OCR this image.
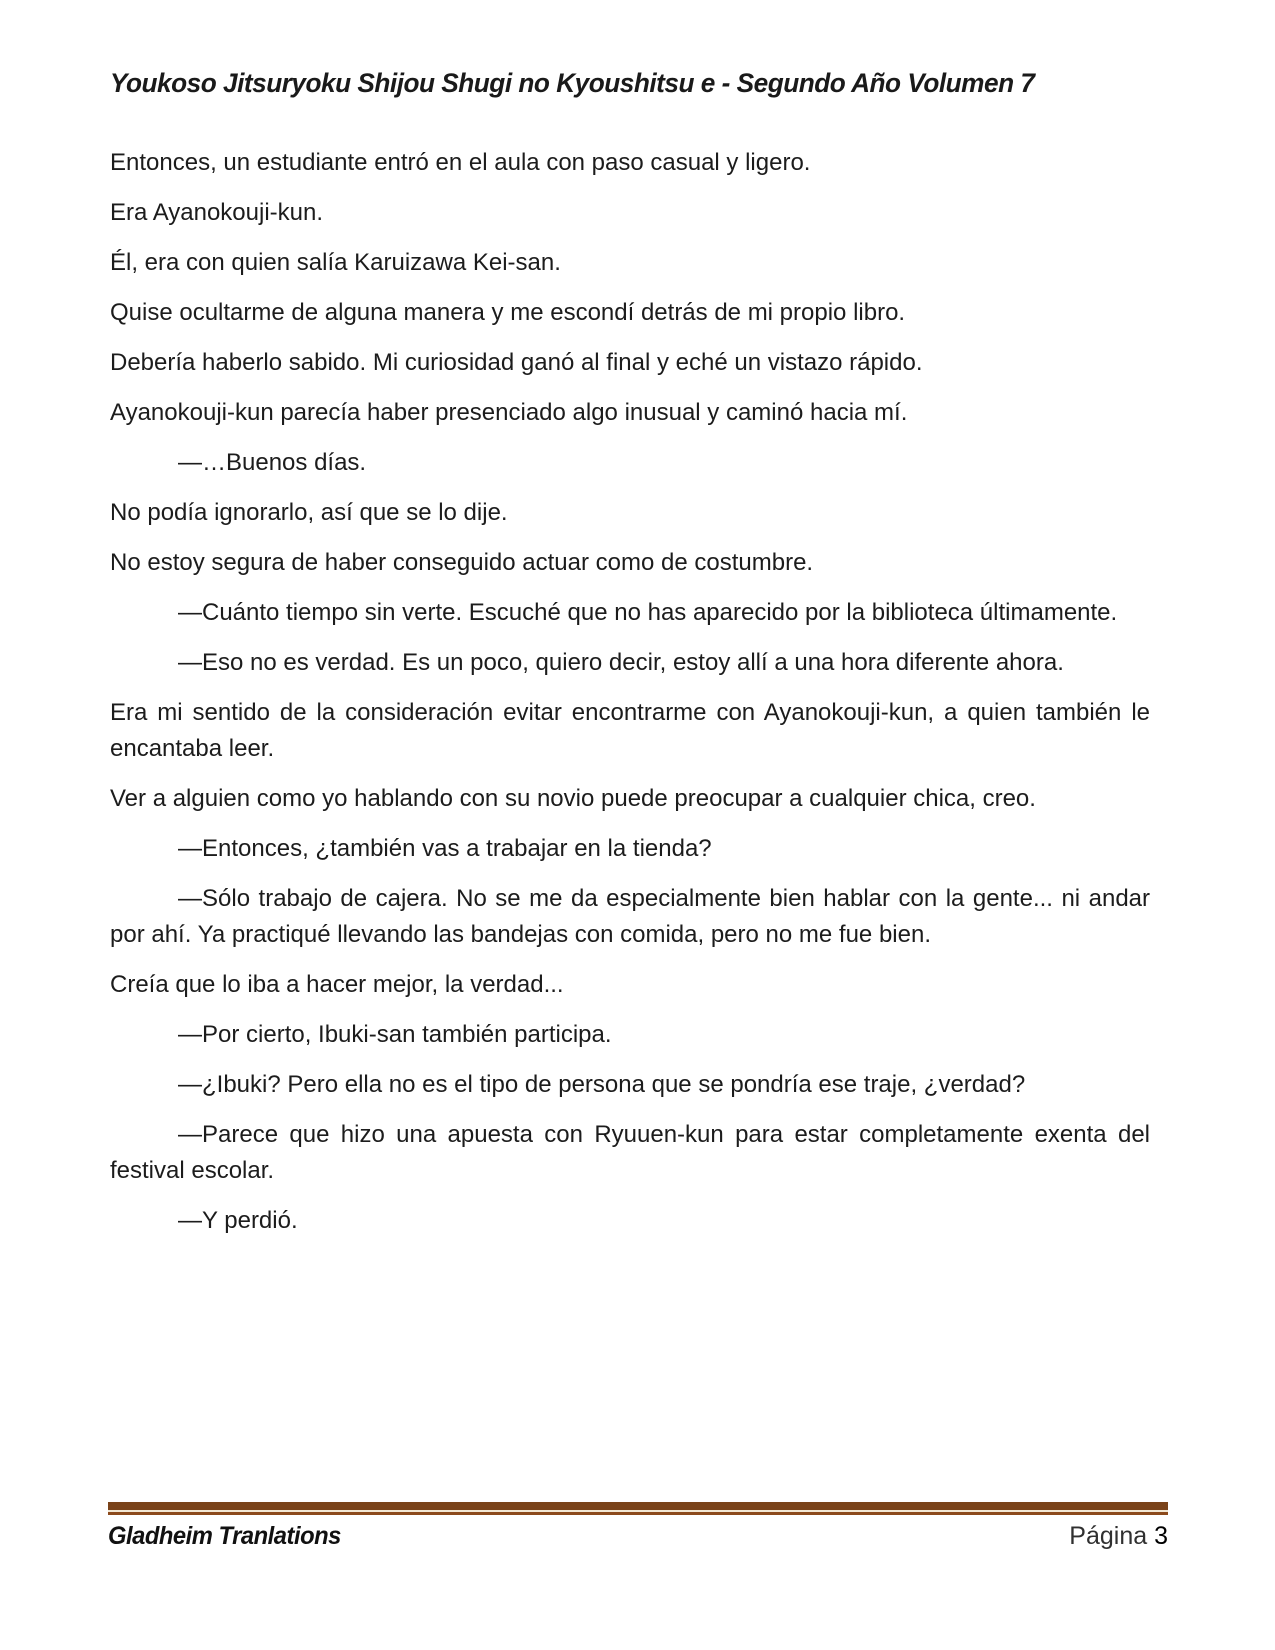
Youkoso Jitsuryoku Shijou Shugi no Kyoushitsu e - Segundo Año Volumen 7

Entonces, un estudiante entró en el aula con paso casual y ligero.

Era Ayanokouji-kun.

Él, era con quien salía Karuizawa Kei-san.

Quise ocultarme de alguna manera y me escondí detrás de mi propio libro.

Debería haberlo sabido. Mi curiosidad ganó al final y eché un vistazo rápido.

Ayanokouji-kun parecía haber presenciado algo inusual y caminó hacia mí.

—…Buenos días.

No podía ignorarlo, así que se lo dije.

No estoy segura de haber conseguido actuar como de costumbre.

—Cuánto tiempo sin verte. Escuché que no has aparecido por la biblioteca últimamente.

—Eso no es verdad. Es un poco, quiero decir, estoy allí a una hora diferente ahora.

Era mi sentido de la consideración evitar encontrarme con Ayanokouji-kun, a quien también le encantaba leer.

Ver a alguien como yo hablando con su novio puede preocupar a cualquier chica, creo.

—Entonces, ¿también vas a trabajar en la tienda?

—Sólo trabajo de cajera. No se me da especialmente bien hablar con la gente... ni andar por ahí. Ya practiqué llevando las bandejas con comida, pero no me fue bien.

Creía que lo iba a hacer mejor, la verdad...

—Por cierto, Ibuki-san también participa.

—¿Ibuki? Pero ella no es el tipo de persona que se pondría ese traje, ¿verdad?

—Parece que hizo una apuesta con Ryuuen-kun para estar completamente exenta del festival escolar.

—Y perdió.

Gladheim Tranlations	Página 3
